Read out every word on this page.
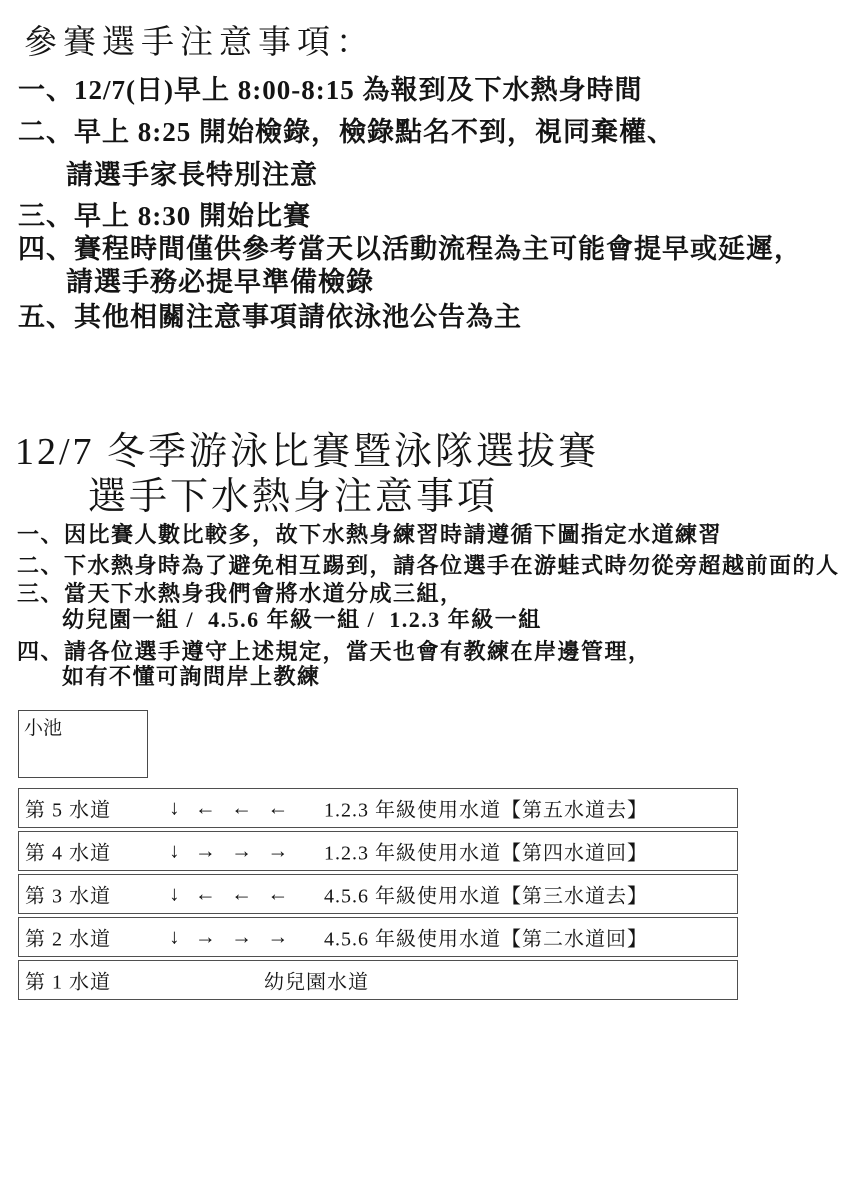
參賽選手注意事項：
一、12/7(日)早上 8:00-8:15 為報到及下水熱身時間
二、早上 8:25 開始檢錄，檢錄點名不到，視同棄權、
請選手家長特別注意
三、早上 8:30 開始比賽
四、賽程時間僅供參考當天以活動流程為主可能會提早或延遲，
請選手務必提早準備檢錄
五、其他相關注意事項請依泳池公告為主
12/7 冬季游泳比賽暨泳隊選拔賽
選手下水熱身注意事項
一、因比賽人數比較多，故下水熱身練習時請遵循下圖指定水道練習
二、下水熱身時為了避免相互踢到，請各位選手在游蛙式時勿從旁超越前面的人
三、當天下水熱身我們會將水道分成三組，
幼兒園一組 /  4.5.6 年級一組 /  1.2.3 年級一組
四、請各位選手遵守上述規定，當天也會有教練在岸邊管理，
如有不懂可詢問岸上教練
小池
第 5 水道	↓ ← ← ← 1.2.3 年級使用水道【第五水道去】
第 4 水道	↓ → → → 1.2.3 年級使用水道【第四水道回】
第 3 水道	↓ ← ← ← 4.5.6 年級使用水道【第三水道去】
第 2 水道	↓ → → → 4.5.6 年級使用水道【第二水道回】
第 1 水道	幼兒園水道
